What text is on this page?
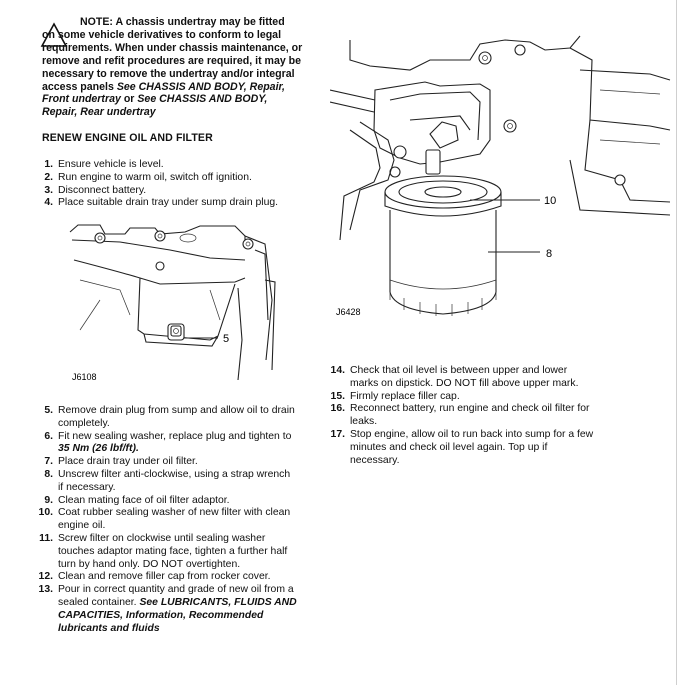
NOTE: A chassis undertray may be fitted
on some vehicle derivatives to conform to legal requirements. When under chassis maintenance, or remove and refit procedures are required, it may be necessary to remove the undertray and/or integral access panels See CHASSIS AND BODY, Repair, Front undertray or See CHASSIS AND BODY, Repair, Rear undertray
RENEW ENGINE OIL AND FILTER
1. Ensure vehicle is level.
2. Run engine to warm oil, switch off ignition.
3. Disconnect battery.
4. Place suitable drain tray under sump drain plug.
5
J6108
5. Remove drain plug from sump and allow oil to drain completely.
6. Fit new sealing washer, replace plug and tighten to 35 Nm (26 lbf/ft).
7. Place drain tray under oil filter.
8. Unscrew filter anti-clockwise, using a strap wrench if necessary.
9. Clean mating face of oil filter adaptor.
10. Coat rubber sealing washer of new filter with clean engine oil.
11. Screw filter on clockwise until sealing washer touches adaptor mating face, tighten a further half turn by hand only. DO NOT overtighten.
12. Clean and remove filler cap from rocker cover.
13. Pour in correct quantity and grade of new oil from a sealed container. See LUBRICANTS, FLUIDS AND CAPACITIES, Information, Recommended lubricants and fluids
10
8
J6428
14. Check that oil level is between upper and lower marks on dipstick. DO NOT fill above upper mark.
15. Firmly replace filler cap.
16. Reconnect battery, run engine and check oil filter for leaks.
17. Stop engine, allow oil to run back into sump for a few minutes and check oil level again. Top up if necessary.
